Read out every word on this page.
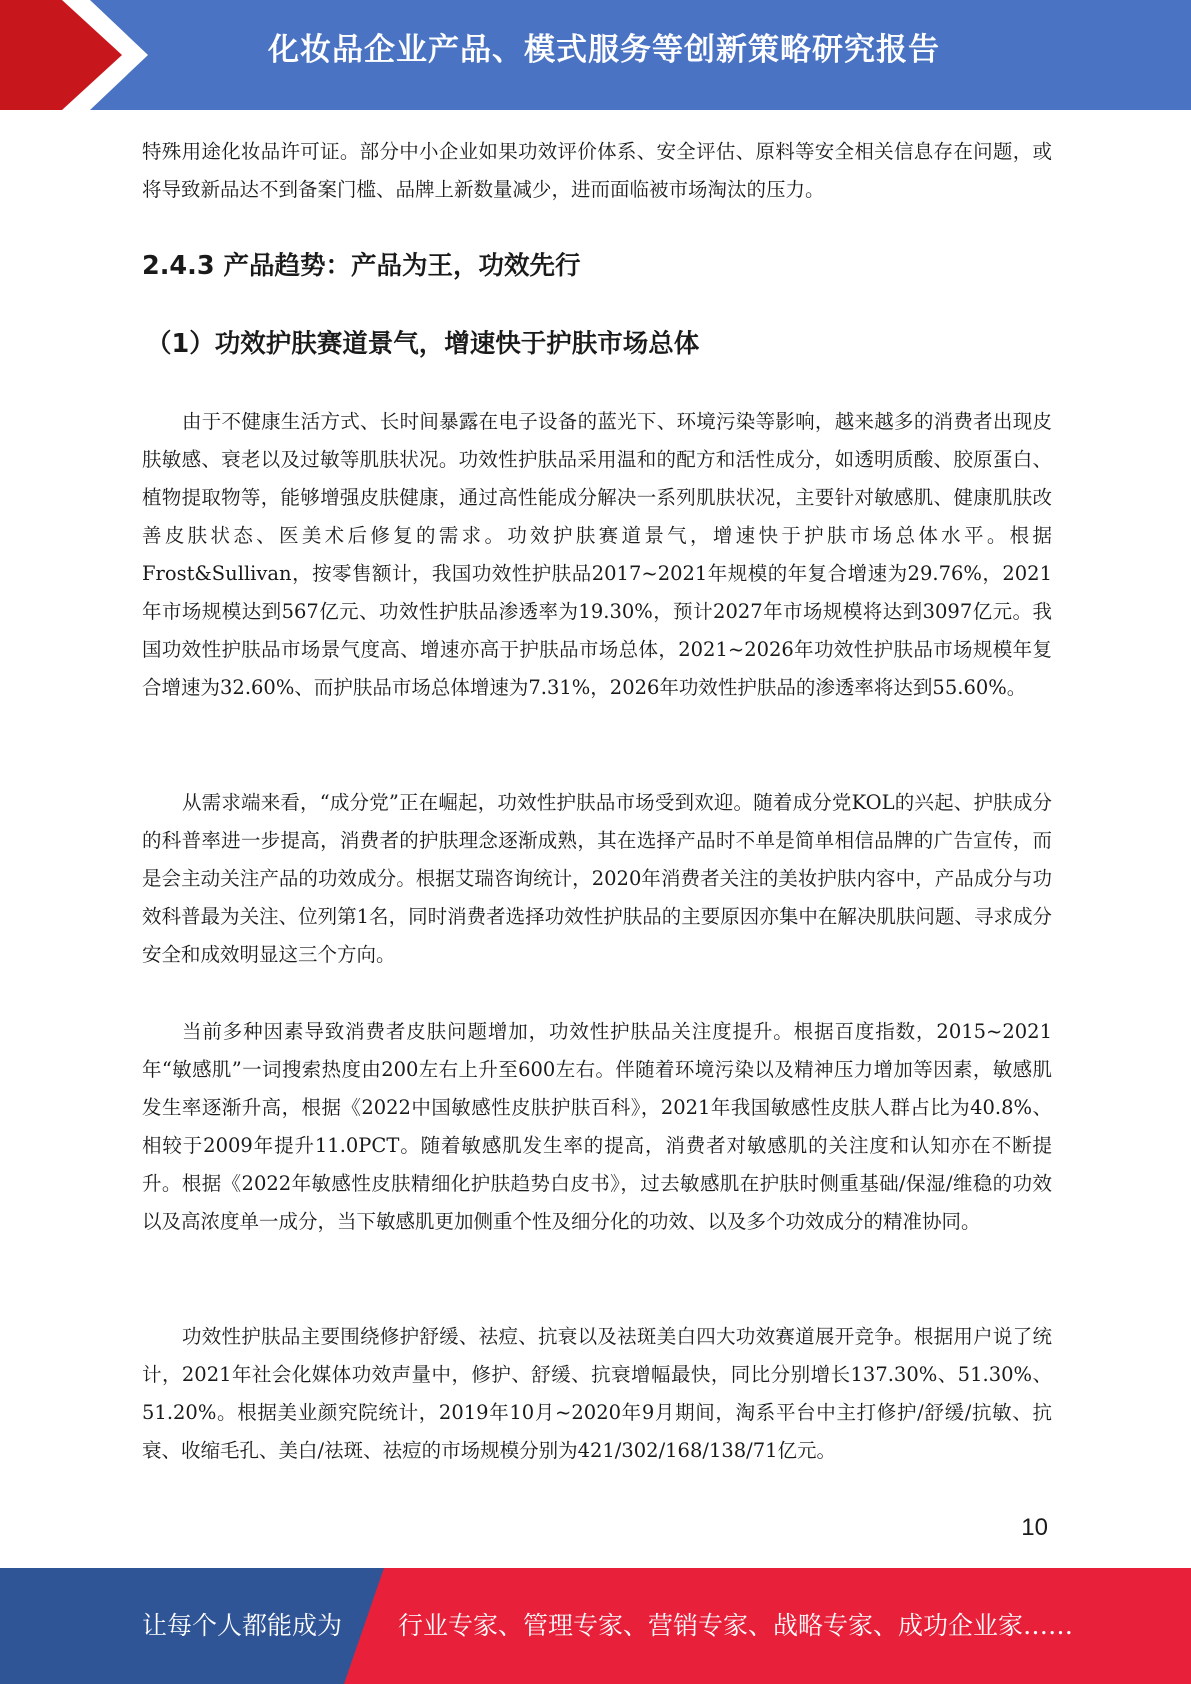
化妆品企业产品、模式服务等创新策略研究报告

特殊用途化妆品许可证。部分中小企业如果功效评价体系、安全评估、原料等安全相关信息存在问题，或将导致新品达不到备案门槛、品牌上新数量减少，进而面临被市场淘汰的压力。

2.4.3 产品趋势：产品为王，功效先行
（1）功效护肤赛道景气，增速快于护肤市场总体

由于不健康生活方式、长时间暴露在电子设备的蓝光下、环境污染等影响，越来越多的消费者出现皮肤敏感、衰老以及过敏等肌肤状况。功效性护肤品采用温和的配方和活性成分，如透明质酸、胶原蛋白、植物提取物等，能够增强皮肤健康，通过高性能成分解决一系列肌肤状况，主要针对敏感肌、健康肌肤改善皮肤状态、医美术后修复的需求。功效护肤赛道景气，增速快于护肤市场总体水平。根据Frost&Sullivan，按零售额计，我国功效性护肤品2017~2021年规模的年复合增速为29.76%，2021年市场规模达到567亿元、功效性护肤品渗透率为19.30%，预计2027年市场规模将达到3097亿元。我国功效性护肤品市场景气度高、增速亦高于护肤品市场总体，2021~2026年功效性护肤品市场规模年复合增速为32.60%、而护肤品市场总体增速为7.31%，2026年功效性护肤品的渗透率将达到55.60%。

从需求端来看，“成分党”正在崛起，功效性护肤品市场受到欢迎。随着成分党KOL的兴起、护肤成分的科普率进一步提高，消费者的护肤理念逐渐成熟，其在选择产品时不单是简单相信品牌的广告宣传，而是会主动关注产品的功效成分。根据艾瑞咨询统计，2020年消费者关注的美妆护肤内容中，产品成分与功效科普最为关注、位列第1名，同时消费者选择功效性护肤品的主要原因亦集中在解决肌肤问题、寻求成分安全和成效明显这三个方向。

当前多种因素导致消费者皮肤问题增加，功效性护肤品关注度提升。根据百度指数，2015~2021年“敏感肌”一词搜索热度由200左右上升至600左右。伴随着环境污染以及精神压力增加等因素，敏感肌发生率逐渐升高，根据《2022中国敏感性皮肤护肤百科》，2021年我国敏感性皮肤人群占比为40.8%、相较于2009年提升11.0PCT。随着敏感肌发生率的提高，消费者对敏感肌的关注度和认知亦在不断提升。根据《2022年敏感性皮肤精细化护肤趋势白皮书》，过去敏感肌在护肤时侧重基础/保湿/维稳的功效以及高浓度单一成分，当下敏感肌更加侧重个性及细分化的功效、以及多个功效成分的精准协同。

功效性护肤品主要围绕修护舒缓、祛痘、抗衰以及祛斑美白四大功效赛道展开竞争。根据用户说了统计，2021年社会化媒体功效声量中，修护、舒缓、抗衰增幅最快，同比分别增长137.30%、51.30%、51.20%。根据美业颜究院统计，2019年10月~2020年9月期间，淘系平台中主打修护/舒缓/抗敏、抗衰、收缩毛孔、美白/祛斑、祛痘的市场规模分别为421/302/168/138/71亿元。

10
让每个人都能成为 行业专家、管理专家、营销专家、战略专家、成功企业家……
